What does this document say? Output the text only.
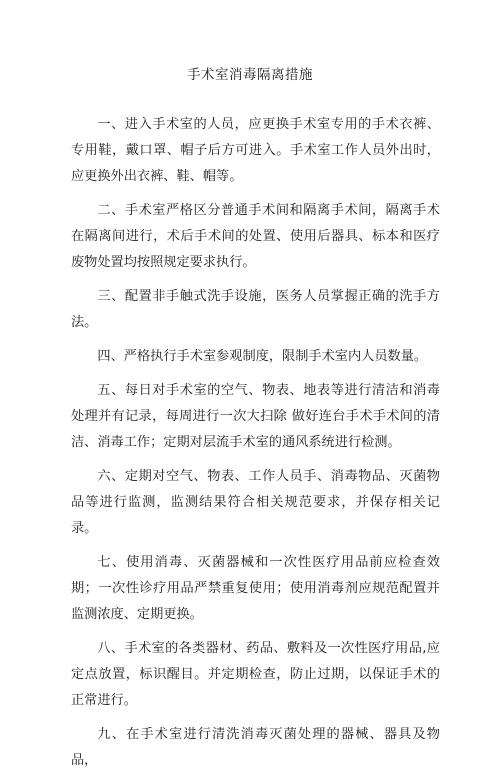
手术室消毒隔离措施

一、进入手术室的人员，应更换手术室专用的手术衣裤、专用鞋，戴口罩、帽子后方可进入。手术室工作人员外出时，应更换外出衣裤、鞋、帽等。

二、手术室严格区分普通手术间和隔离手术间，隔离手术在隔离间进行，术后手术间的处置、使用后器具、标本和医疗废物处置均按照规定要求执行。

三、配置非手触式洗手设施，医务人员掌握正确的洗手方法。

四、严格执行手术室参观制度，限制手术室内人员数量。

五、每日对手术室的空气、物表、地表等进行清洁和消毒处理并有记录，每周进行一次大扫除 做好连台手术手术间的清洁、消毒工作；定期对层流手术室的通风系统进行检测。

六、定期对空气、物表、工作人员手、消毒物品、灭菌物品等进行监测，监测结果符合相关规范要求，并保存相关记录。

七、使用消毒、灭菌器械和一次性医疗用品前应检查效期；一次性诊疗用品严禁重复使用；使用消毒剂应规范配置并监测浓度、定期更换。

八、手术室的各类器材、药品、敷料及一次性医疗用品,应定点放置，标识醒目。并定期检查，防止过期，以保证手术的正常进行。

九、在手术室进行清洗消毒灭菌处理的器械、器具及物品，
